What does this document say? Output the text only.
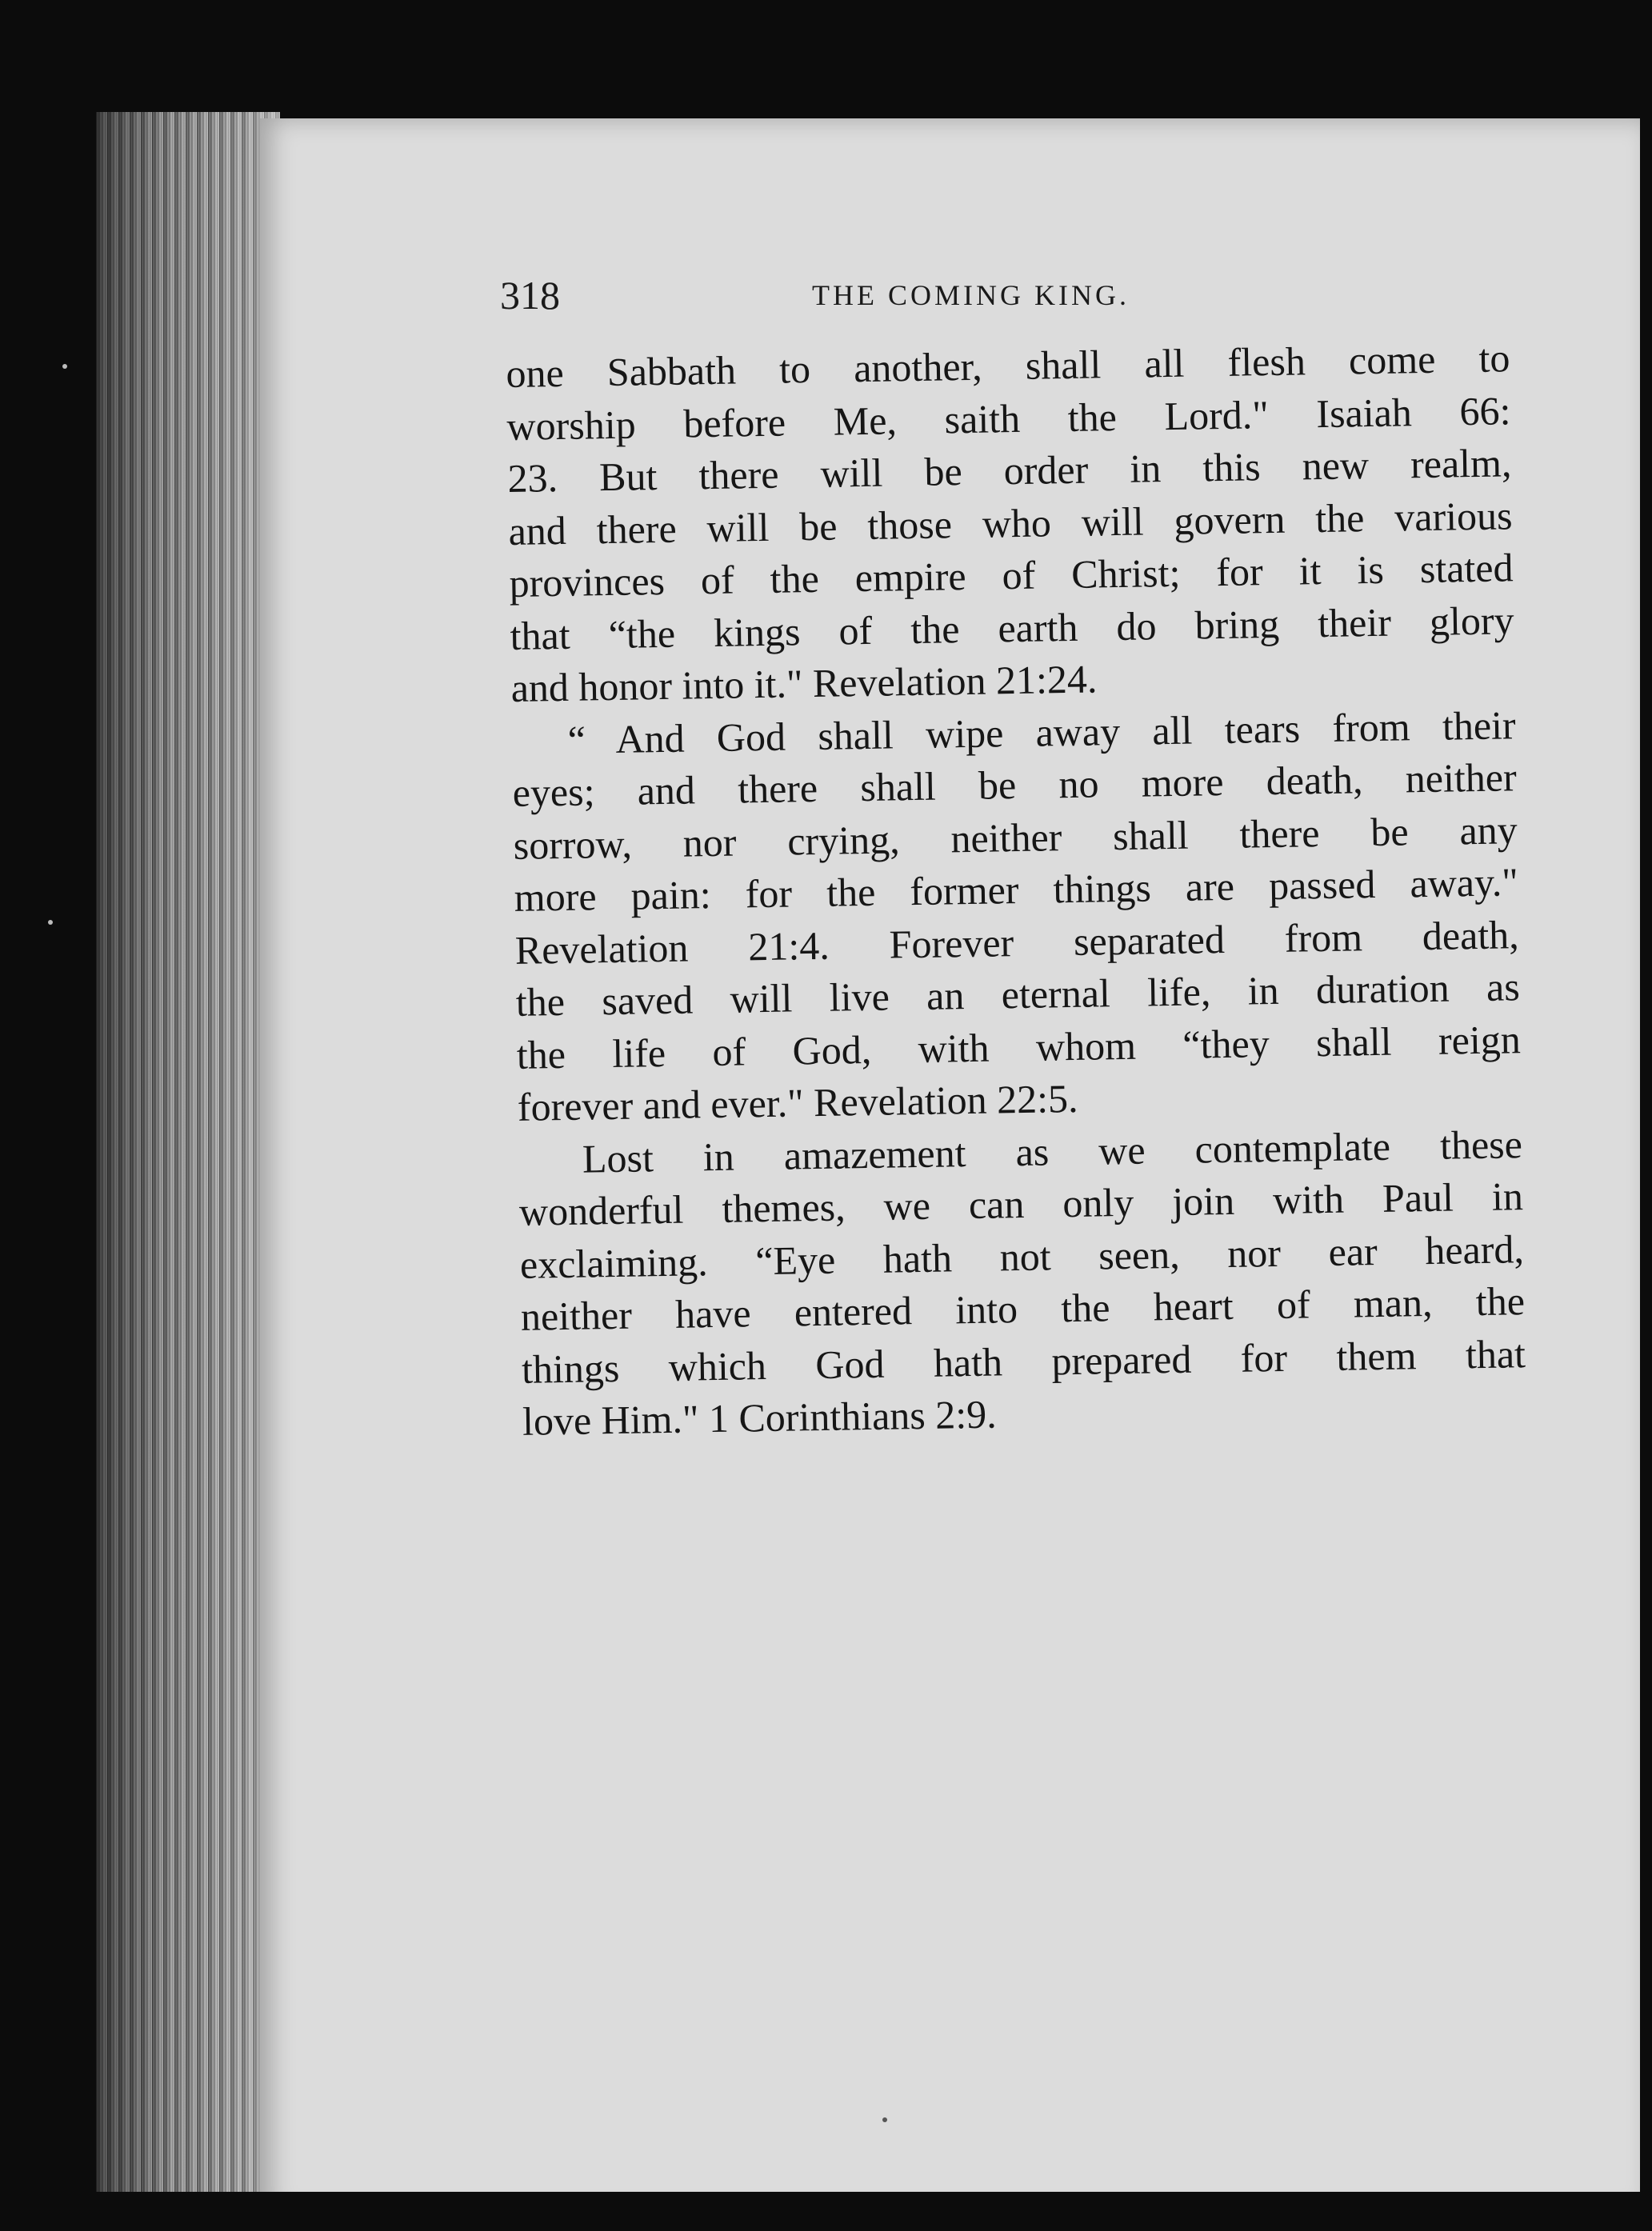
318	THE COMING KING.

one Sabbath to another, shall all flesh come to
worship before Me, saith the Lord." Isaiah 66:
23. But there will be order in this new realm,
and there will be those who will govern the various
provinces of the empire of Christ; for it is stated
that “the kings of the earth do bring their glory
and honor into it." Revelation 21:24.

“ And God shall wipe away all tears from their
eyes; and there shall be no more death, neither
sorrow, nor crying, neither shall there be any
more pain: for the former things are passed away."
Revelation 21:4. Forever separated from death,
the saved will live an eternal life, in duration as
the life of God, with whom “they shall reign
forever and ever." Revelation 22:5.

Lost in amazement as we contemplate these
wonderful themes, we can only join with Paul in
exclaiming. “Eye hath not seen, nor ear heard,
neither have entered into the heart of man, the
things which God hath prepared for them that
love Him." 1 Corinthians 2:9.
